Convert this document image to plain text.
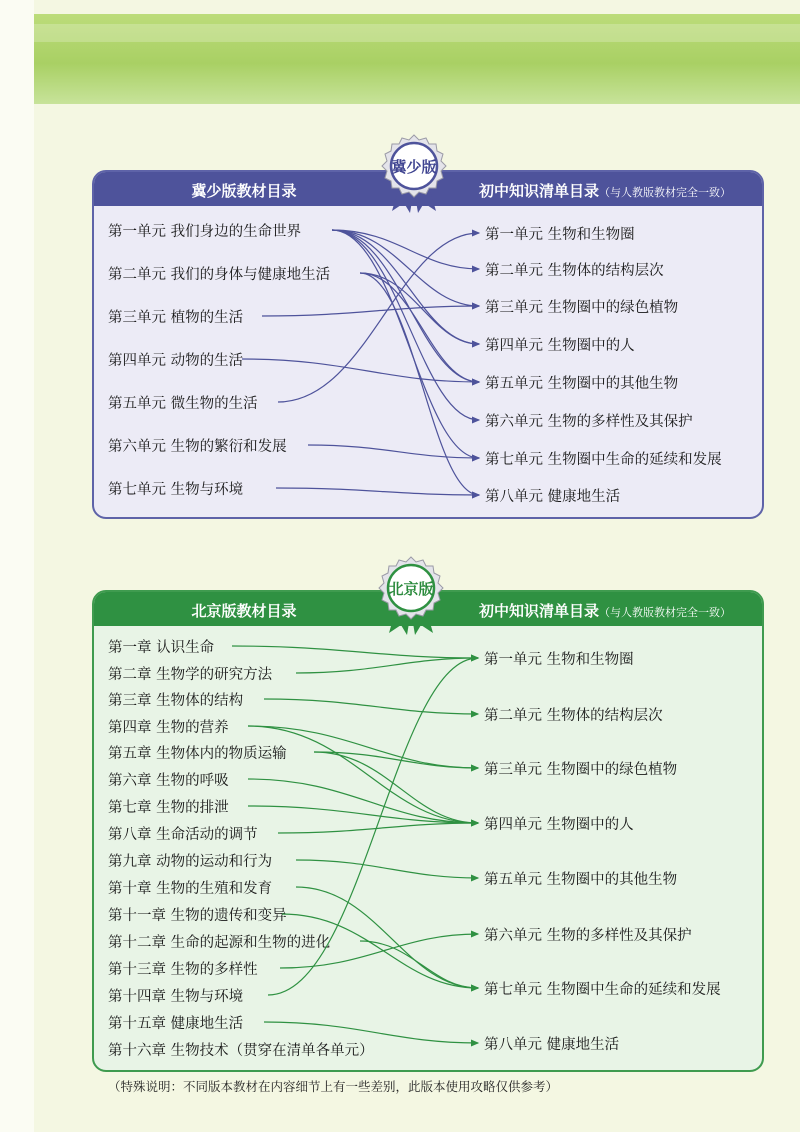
冀少版教材目录	初中知识清单目录（与人教版教材完全一致）
北京版教材目录	初中知识清单目录（与人教版教材完全一致）
冀少版
北京版
第一单元 我们身边的生命世界
第二单元 我们的身体与健康地生活
第三单元 植物的生活
第四单元 动物的生活
第五单元 微生物的生活
第六单元 生物的繁衍和发展
第七单元 生物与环境
第一单元 生物和生物圈
第二单元 生物体的结构层次
第三单元 生物圈中的绿色植物
第四单元 生物圈中的人
第五单元 生物圈中的其他生物
第六单元 生物的多样性及其保护
第七单元 生物圈中生命的延续和发展
第八单元 健康地生活
第一章 认识生命
第二章 生物学的研究方法
第三章 生物体的结构
第四章 生物的营养
第五章 生物体内的物质运输
第六章 生物的呼吸
第七章 生物的排泄
第八章 生命活动的调节
第九章 动物的运动和行为
第十章 生物的生殖和发育
第十一章 生物的遗传和变异
第十二章 生命的起源和生物的进化
第十三章 生物的多样性
第十四章 生物与环境
第十五章 健康地生活
第十六章 生物技术（贯穿在清单各单元）
第一单元 生物和生物圈
第二单元 生物体的结构层次
第三单元 生物圈中的绿色植物
第四单元 生物圈中的人
第五单元 生物圈中的其他生物
第六单元 生物的多样性及其保护
第七单元 生物圈中生命的延续和发展
第八单元 健康地生活
（特殊说明：不同版本教材在内容细节上有一些差别，此版本使用攻略仅供参考）
